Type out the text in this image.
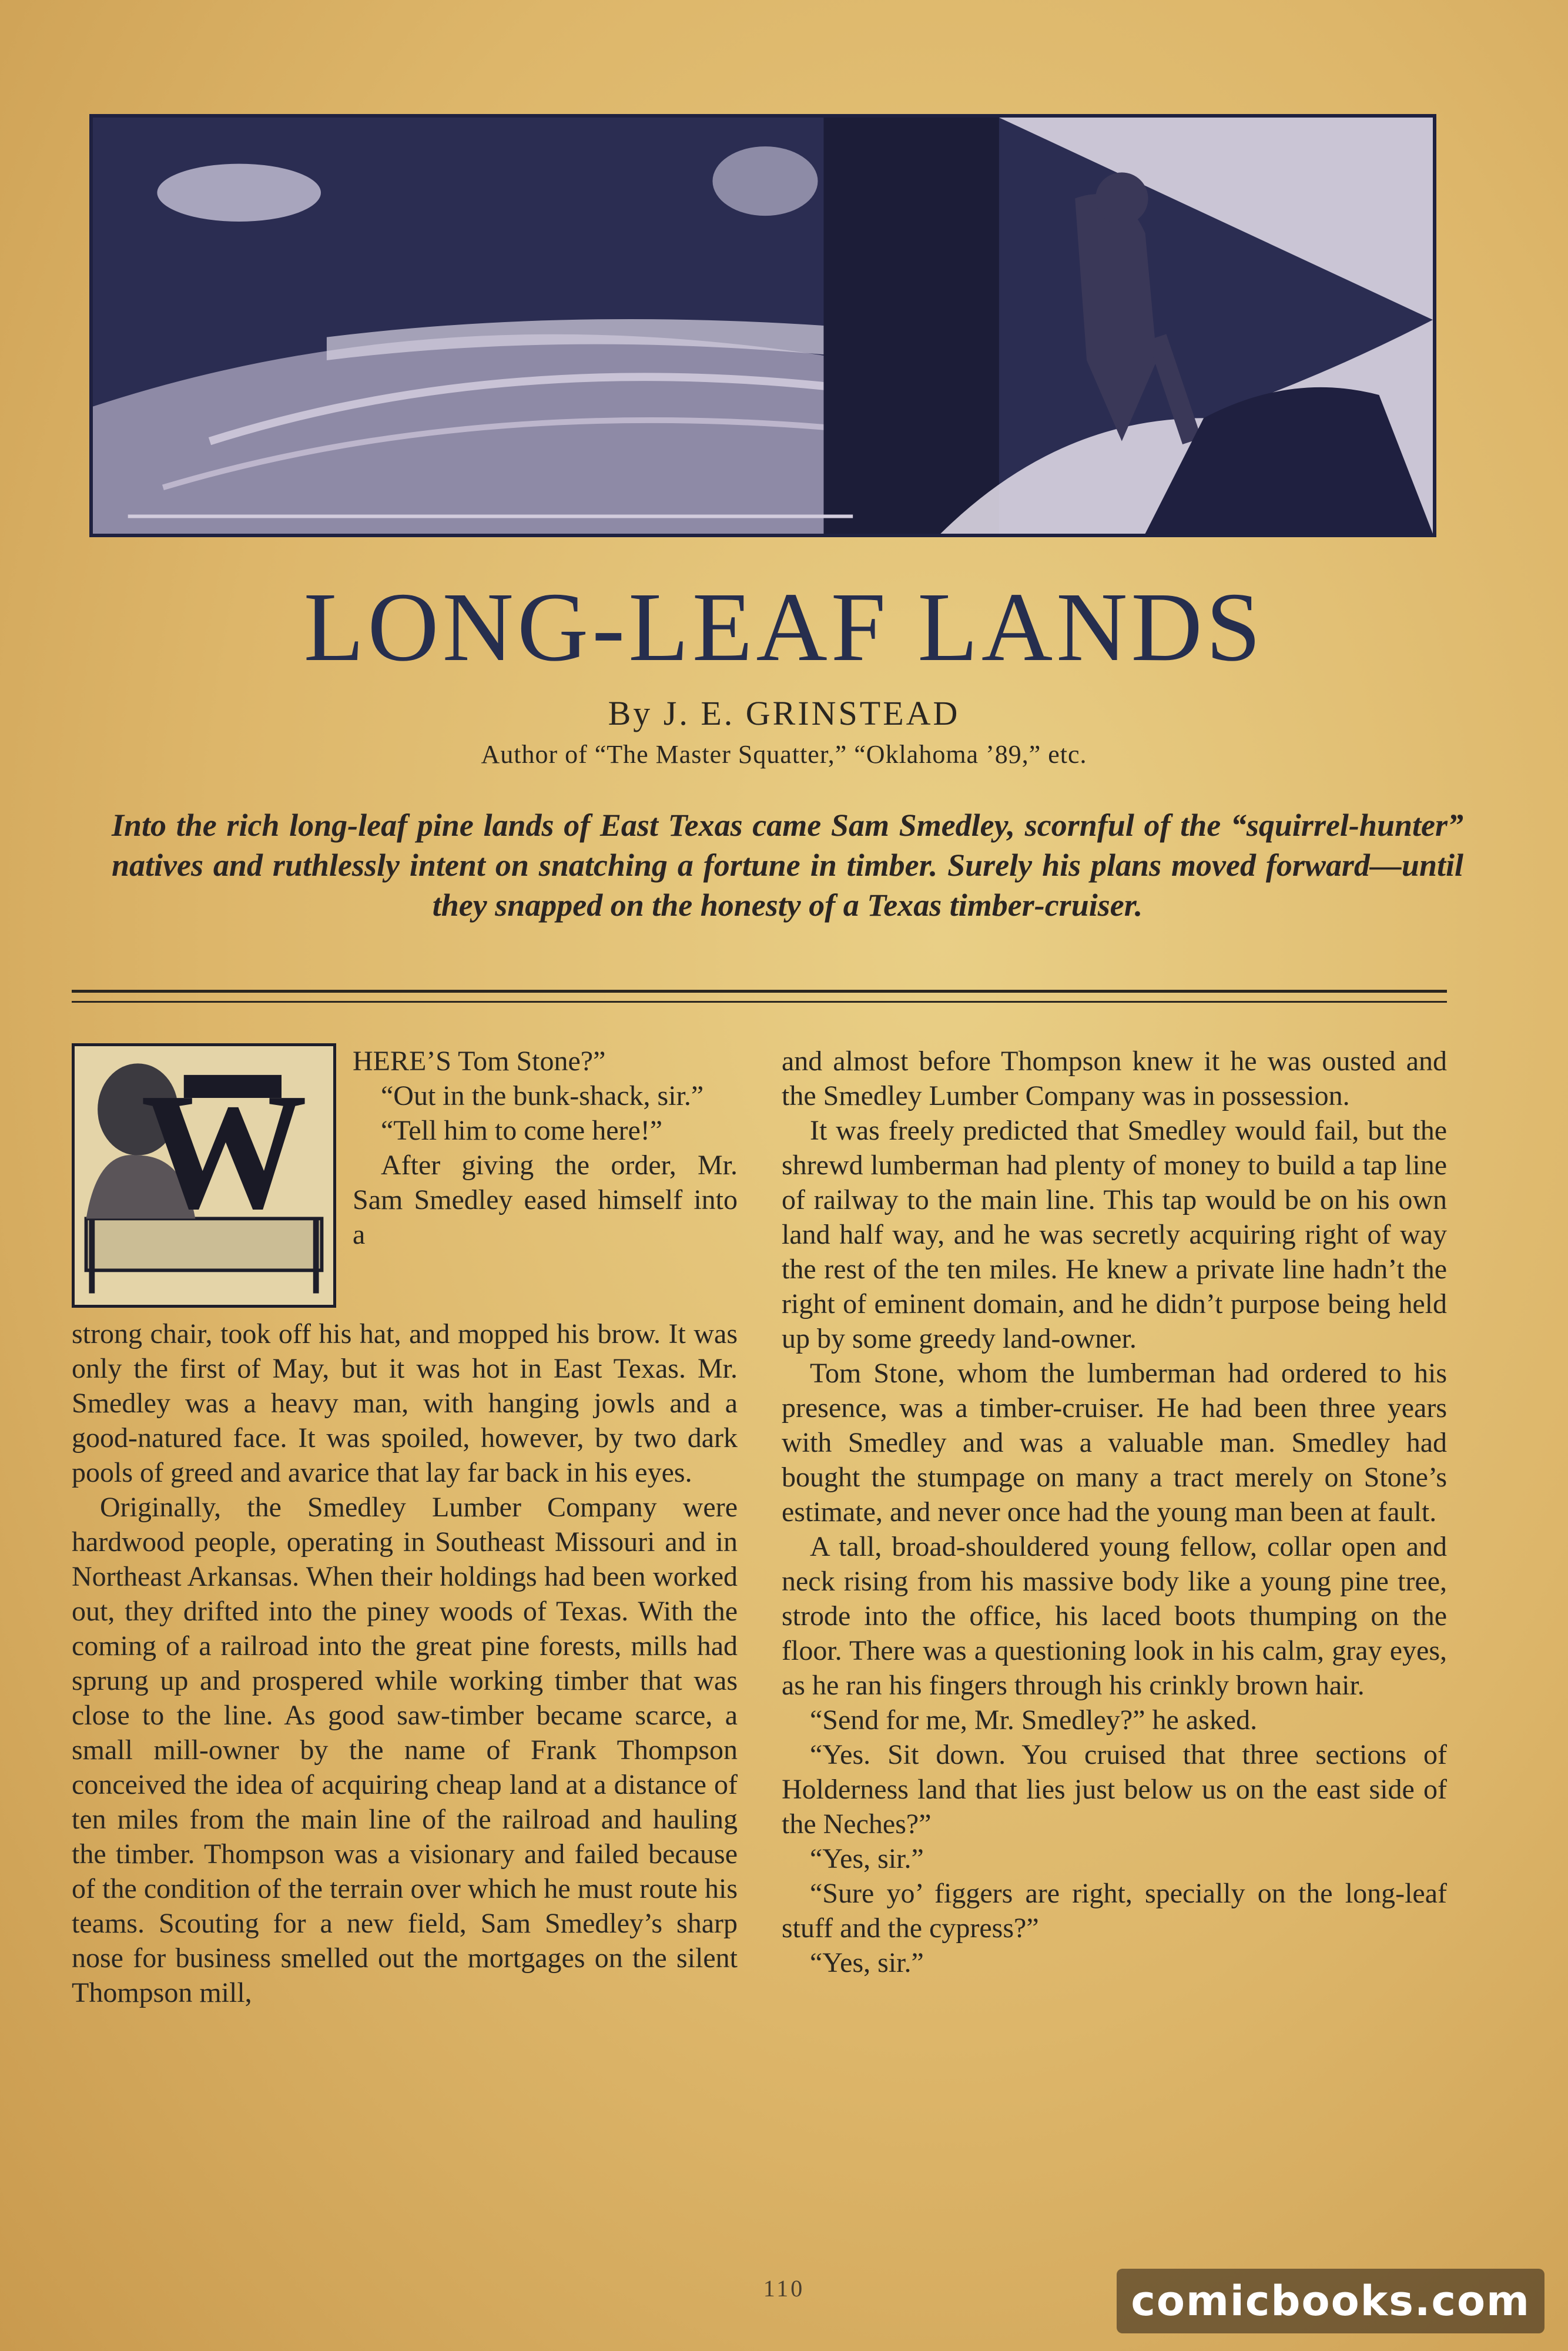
LONG-LEAF LANDS
By J. E. GRINSTEAD
Author of “The Master Squatter,” “Oklahoma ’89,” etc.
Into the rich long-leaf pine lands of East Texas came Sam Smedley, scornful of the “squirrel-hunter” natives and ruthlessly intent on snatching a fortune in timber. Surely his plans moved forward—until they snapped on the honesty of a Texas timber-cruiser.
W HERE’S Tom Stone?”

“Out in the bunk-shack, sir.”

“Tell him to come here!”

After giving the order, Mr. Sam Smedley eased himself into a

strong chair, took off his hat, and mopped his brow. It was only the first of May, but it was hot in East Texas. Mr. Smedley was a heavy man, with hanging jowls and a good-natured face. It was spoiled, however, by two dark pools of greed and avarice that lay far back in his eyes.

Originally, the Smedley Lumber Company were hardwood people, operating in Southeast Missouri and in Northeast Arkansas. When their holdings had been worked out, they drifted into the piney woods of Texas. With the coming of a railroad into the great pine forests, mills had sprung up and prospered while working timber that was close to the line. As good saw-timber became scarce, a small mill-owner by the name of Frank Thompson conceived the idea of acquiring cheap land at a distance of ten miles from the main line of the railroad and hauling the timber. Thompson was a visionary and failed because of the condition of the terrain over which he must route his teams. Scouting for a new field, Sam Smedley’s sharp nose for business smelled out the mortgages on the silent Thompson mill,

and almost before Thompson knew it he was ousted and the Smedley Lumber Company was in possession.

It was freely predicted that Smedley would fail, but the shrewd lumberman had plenty of money to build a tap line of railway to the main line. This tap would be on his own land half way, and he was secretly acquiring right of way the rest of the ten miles. He knew a private line hadn’t the right of eminent domain, and he didn’t purpose being held up by some greedy land-owner.

Tom Stone, whom the lumberman had ordered to his presence, was a timber-cruiser. He had been three years with Smedley and was a valuable man. Smedley had bought the stumpage on many a tract merely on Stone’s estimate, and never once had the young man been at fault.

A tall, broad-shouldered young fellow, collar open and neck rising from his massive body like a young pine tree, strode into the office, his laced boots thumping on the floor. There was a questioning look in his calm, gray eyes, as he ran his fingers through his crinkly brown hair.

“Send for me, Mr. Smedley?” he asked.

“Yes. Sit down. You cruised that three sections of Holderness land that lies just below us on the east side of the Neches?”

“Yes, sir.”

“Sure yo’ figgers are right, specially on the long-leaf stuff and the cypress?”

“Yes, sir.”

110	comicbooks.com
